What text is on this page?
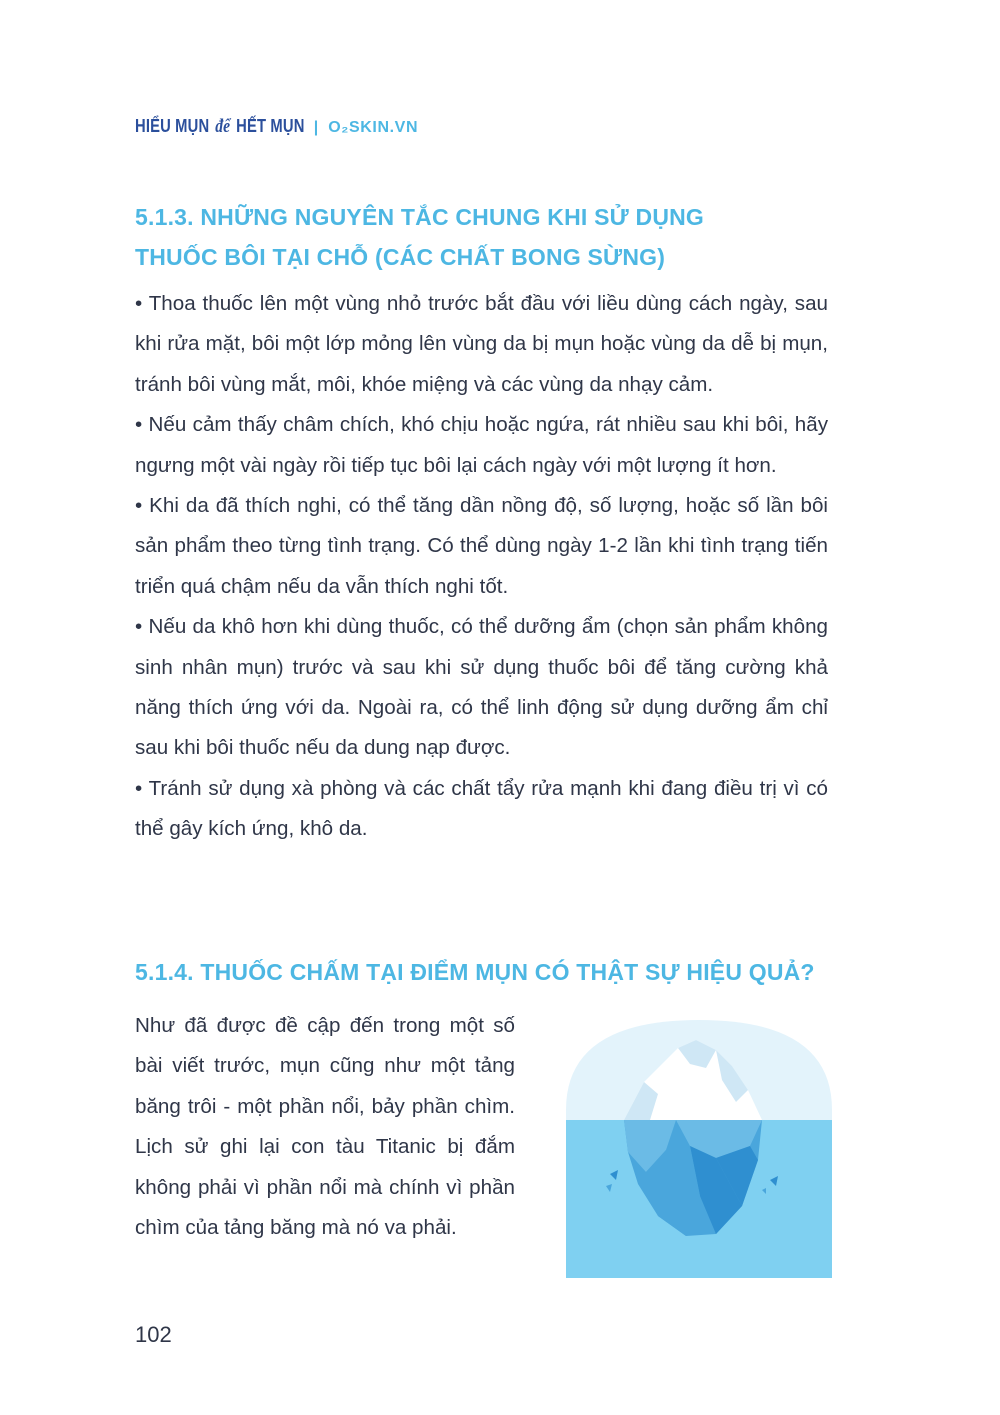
HIỂU MỤN để HẾT MỤN | O₂SKIN.VN
5.1.3. NHỮNG NGUYÊN TẮC CHUNG KHI SỬ DỤNG
THUỐC BÔI TẠI CHỖ (CÁC CHẤT BONG SỪNG)
• Thoa thuốc lên một vùng nhỏ trước bắt đầu với liều dùng cách ngày, sau khi rửa mặt, bôi một lớp mỏng lên vùng da bị mụn hoặc vùng da dễ bị mụn, tránh bôi vùng mắt, môi, khóe miệng và các vùng da nhạy cảm.
• Nếu cảm thấy châm chích, khó chịu hoặc ngứa, rát nhiều sau khi bôi, hãy ngưng một vài ngày rồi tiếp tục bôi lại cách ngày với một lượng ít hơn.
• Khi da đã thích nghi, có thể tăng dần nồng độ, số lượng, hoặc số lần bôi sản phẩm theo từng tình trạng. Có thể dùng ngày 1-2 lần khi tình trạng tiến triển quá chậm nếu da vẫn thích nghi tốt.
• Nếu da khô hơn khi dùng thuốc, có thể dưỡng ẩm (chọn sản phẩm không sinh nhân mụn) trước và sau khi sử dụng thuốc bôi để tăng cường khả năng thích ứng với da. Ngoài ra, có thể linh động sử dụng dưỡng ẩm chỉ sau khi bôi thuốc nếu da dung nạp được.
• Tránh sử dụng xà phòng và các chất tẩy rửa mạnh khi đang điều trị vì có thể gây kích ứng, khô da.
5.1.4. THUỐC CHẤM TẠI ĐIỂM MỤN CÓ THẬT SỰ HIỆU QUẢ?

Như đã được đề cập đến trong một số bài viết trước, mụn cũng như một tảng băng trôi - một phần nổi, bảy phần chìm. Lịch sử ghi lại con tàu Titanic bị đắm không phải vì phần nổi mà chính vì phần chìm của tảng băng mà nó va phải.

102
